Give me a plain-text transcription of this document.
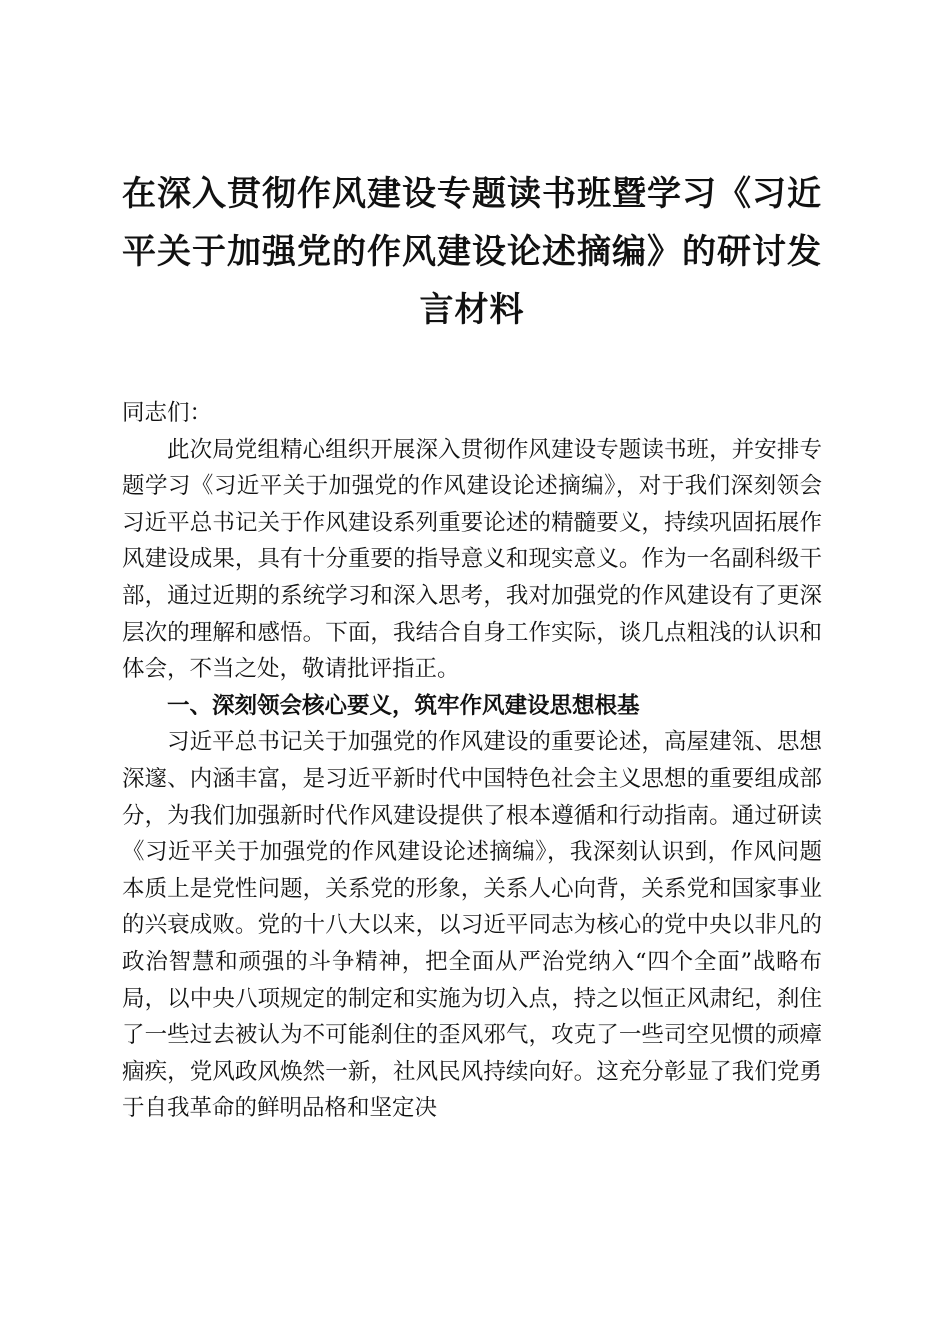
在深入贯彻作风建设专题读书班暨学习《习近平关于加强党的作风建设论述摘编》的研讨发言材料

同志们：

此次局党组精心组织开展深入贯彻作风建设专题读书班，并安排专题学习《习近平关于加强党的作风建设论述摘编》，对于我们深刻领会习近平总书记关于作风建设系列重要论述的精髓要义，持续巩固拓展作风建设成果，具有十分重要的指导意义和现实意义。作为一名副科级干部，通过近期的系统学习和深入思考，我对加强党的作风建设有了更深层次的理解和感悟。下面，我结合自身工作实际，谈几点粗浅的认识和体会，不当之处，敬请批评指正。

一、深刻领会核心要义，筑牢作风建设思想根基

习近平总书记关于加强党的作风建设的重要论述，高屋建瓴、思想深邃、内涵丰富，是习近平新时代中国特色社会主义思想的重要组成部分，为我们加强新时代作风建设提供了根本遵循和行动指南。通过研读《习近平关于加强党的作风建设论述摘编》，我深刻认识到，作风问题本质上是党性问题，关系党的形象，关系人心向背，关系党和国家事业的兴衰成败。党的十八大以来，以习近平同志为核心的党中央以非凡的政治智慧和顽强的斗争精神，把全面从严治党纳入“四个全面”战略布局，以中央八项规定的制定和实施为切入点，持之以恒正风肃纪，刹住了一些过去被认为不可能刹住的歪风邪气，攻克了一些司空见惯的顽瘴痼疾，党风政风焕然一新，社风民风持续向好。这充分彰显了我们党勇于自我革命的鲜明品格和坚定决
